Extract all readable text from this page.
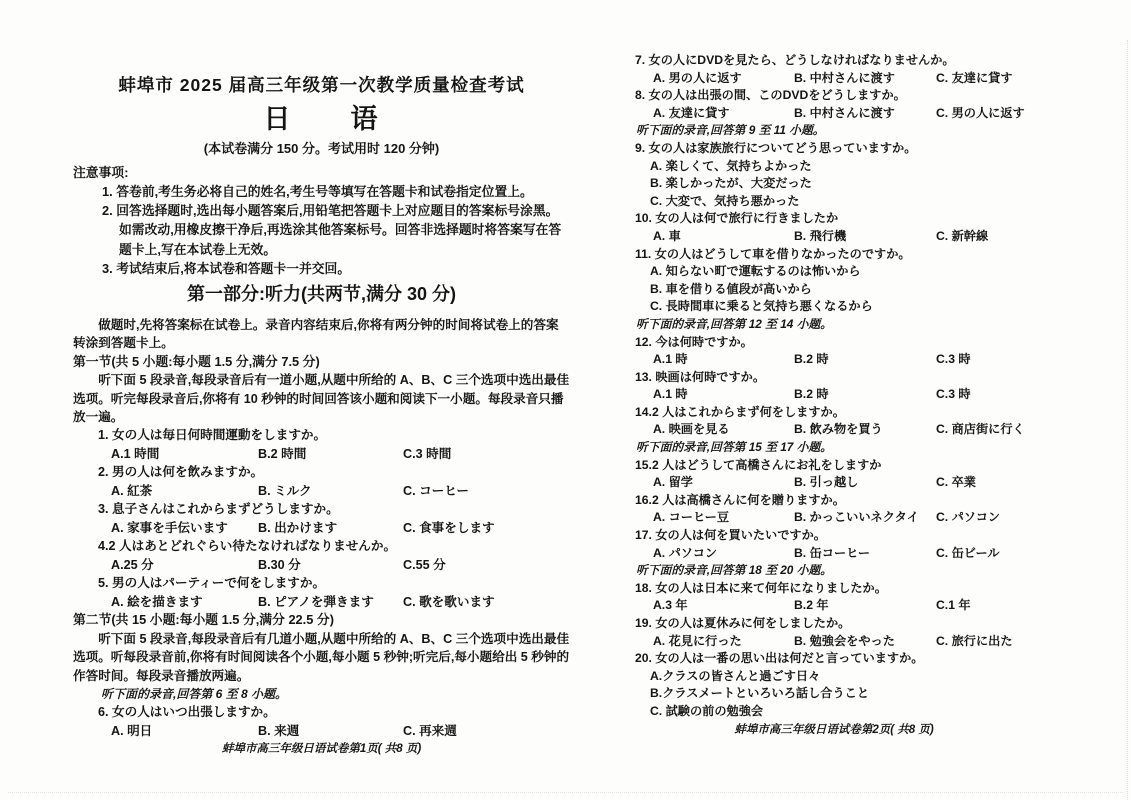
蚌埠市 2025 届高三年级第一次教学质量检查考试
日　　语
(本试卷满分 150 分。考试用时 120 分钟)
注意事项:
1. 答卷前,考生务必将自己的姓名,考生号等填写在答题卡和试卷指定位置上。
2. 回答选择题时,选出每小题答案后,用铅笔把答题卡上对应题目的答案标号涂黑。如需改动,用橡皮擦干净后,再选涂其他答案标号。回答非选择题时将答案写在答题卡上,写在本试卷上无效。
3. 考试结束后,将本试卷和答题卡一并交回。
第一部分:听力(共两节,满分 30 分)
做题时,先将答案标在试卷上。录音内容结束后,你将有两分钟的时间将试卷上的答案转涂到答题卡上。
第一节(共 5 小题:每小题 1.5 分,满分 7.5 分)
听下面 5 段录音,每段录音后有一道小题,从题中所给的 A、B、C 三个选项中选出最佳选项。听完每段录音后,你将有 10 秒钟的时间回答该小题和阅读下一小题。每段录音只播放一遍。
1. 女の人は毎日何時間運動をしますか。
A.1 時間	B.2 時間	C.3 時間
2. 男の人は何を飲みますか。
A. 紅茶	B. ミルク	C. コーヒー
3. 息子さんはこれからまずどうしますか。
A. 家事を手伝います	B. 出かけます	C. 食事をします
4.2 人はあとどれぐらい待たなければなりませんか。
A.25 分	B.30 分	C.55 分
5. 男の人はパーティーで何をしますか。
A. 絵を描きます	B. ピアノを弾きます	C. 歌を歌います
第二节(共 15 小题:每小题 1.5 分,满分 22.5 分)
听下面 5 段录音,每段录音后有几道小题,从题中所给的 A、B、C 三个选项中选出最佳选项。听每段录音前,你将有时间阅读各个小题,每小题 5 秒钟;听完后,每小题给出 5 秒钟的作答时间。每段录音播放两遍。
听下面的录音,回答第 6 至 8 小题。
6. 女の人はいつ出張しますか。
A. 明日	B. 来週	C. 再来週
蚌埠市高三年级日语试卷第1页( 共8 页)
7. 女の人にDVDを見たら、どうしなければなりませんか。
A. 男の人に返す	B. 中村さんに渡す	C. 友達に貸す
8. 女の人は出張の間、このDVDをどうしますか。
A. 友達に貸す	B. 中村さんに渡す	C. 男の人に返す
听下面的录音,回答第 9 至 11 小题。
9. 女の人は家族旅行についてどう思っていますか。
A. 楽しくて、気持ちよかった
B. 楽しかったが、大変だった
C. 大変で、気持ち悪かった
10. 女の人は何で旅行に行きましたか
A. 車	B. 飛行機	C. 新幹線
11. 女の人はどうして車を借りなかったのですか。
A. 知らない町で運転するのは怖いから
B. 車を借りる値段が高いから
C. 長時間車に乗ると気持ち悪くなるから
听下面的录音,回答第 12 至 14 小题。
12. 今は何時ですか。
A.1 時	B.2 時	C.3 時
13. 映画は何時ですか。
A.1 時	B.2 時	C.3 時
14.2 人はこれからまず何をしますか。
A. 映画を見る	B. 飲み物を買う	C. 商店街に行く
听下面的录音,回答第 15 至 17 小题。
15.2 人はどうして高橋さんにお礼をしますか
A. 留学	B. 引っ越し	C. 卒業
16.2 人は高橋さんに何を贈りますか。
A. コーヒー豆	B. かっこいいネクタイ	C. パソコン
17. 女の人は何を買いたいですか。
A. パソコン	B. 缶コーヒー	C. 缶ビール
听下面的录音,回答第 18 至 20 小题。
18. 女の人は日本に来て何年になりましたか。
A.3 年	B.2 年	C.1 年
19. 女の人は夏休みに何をしましたか。
A. 花見に行った	B. 勉強会をやった	C. 旅行に出た
20. 女の人は一番の思い出は何だと言っていますか。
A.クラスの皆さんと過ごす日々
B.クラスメートといろいろ話し合うこと
C. 試験の前の勉強会
蚌埠市高三年级日语试卷第2页( 共8 页)
